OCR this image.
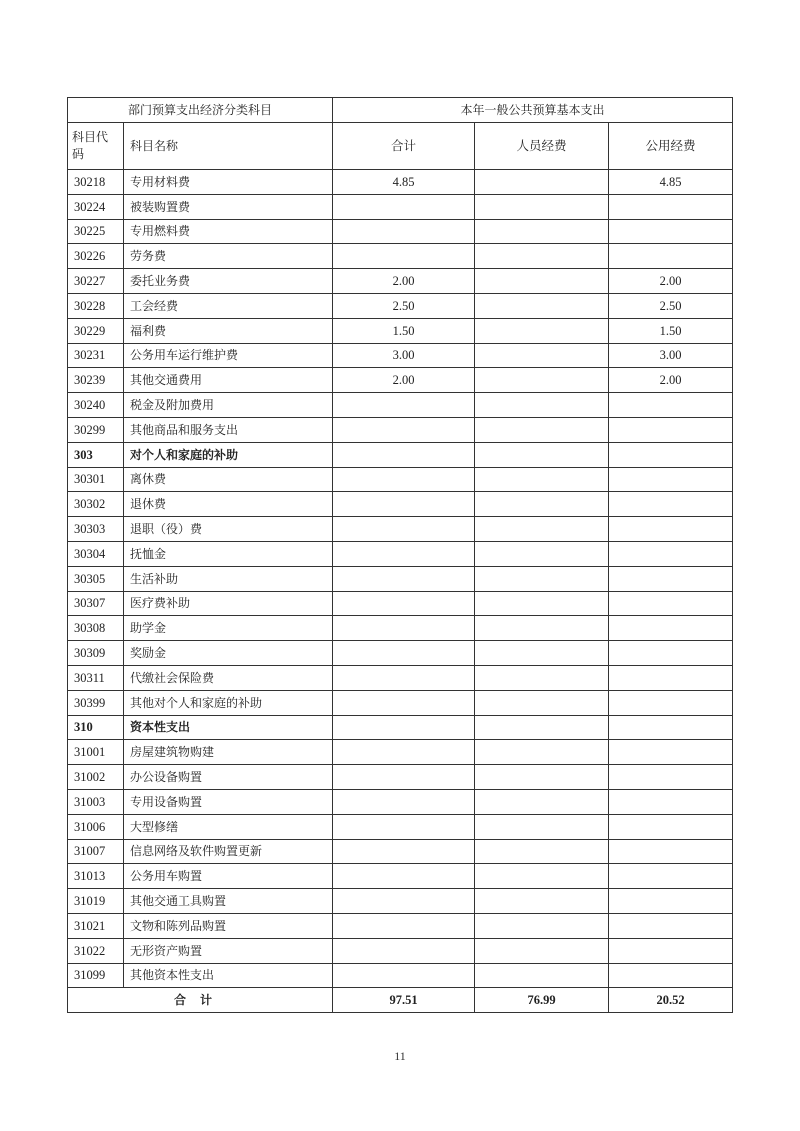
部门预算支出经济分类科目		本年一般公共预算基本支出		
科目代码	科目名称	合计	人员经费	公用经费
30218	专用材料费	4.85		4.85
30224	被装购置费			
30225	专用燃料费			
30226	劳务费			
30227	委托业务费	2.00		2.00
30228	工会经费	2.50		2.50
30229	福利费	1.50		1.50
30231	公务用车运行维护费	3.00		3.00
30239	其他交通费用	2.00		2.00
30240	税金及附加费用			
30299	其他商品和服务支出			
303	对个人和家庭的补助			
30301	离休费			
30302	退休费			
30303	退职（役）费			
30304	抚恤金			
30305	生活补助			
30307	医疗费补助			
30308	助学金			
30309	奖励金			
30311	代缴社会保险费			
30399	其他对个人和家庭的补助			
310	资本性支出			
31001	房屋建筑物购建			
31002	办公设备购置			
31003	专用设备购置			
31006	大型修缮			
31007	信息网络及软件购置更新			
31013	公务用车购置			
31019	其他交通工具购置			
31021	文物和陈列品购置			
31022	无形资产购置			
31099	其他资本性支出			
合计		97.51	76.99	20.52
11
